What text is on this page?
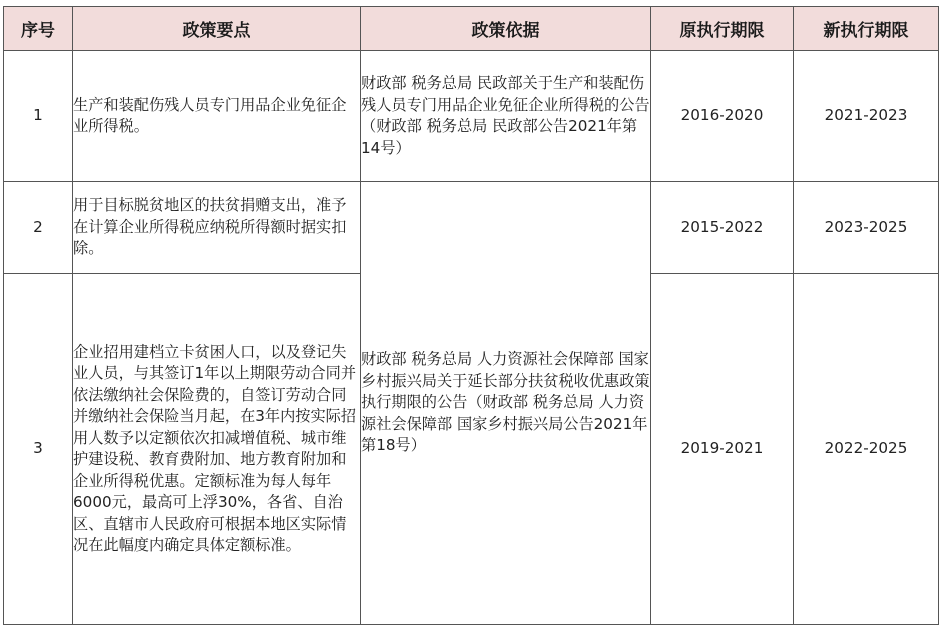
序号	政策要点	政策依据	原执行期限	新执行期限
1	生产和装配伤残人员专门用品企业免征企业所得税。	财政部 税务总局 民政部关于生产和装配伤残人员专门用品企业免征企业所得税的公告（财政部 税务总局 民政部公告2021年第14号）	2016-2020	2021-2023
2	用于目标脱贫地区的扶贫捐赠支出，准予在计算企业所得税应纳税所得额时据实扣除。	财政部 税务总局 人力资源社会保障部 国家乡村振兴局关于延长部分扶贫税收优惠政策执行期限的公告（财政部 税务总局 人力资源社会保障部 国家乡村振兴局公告2021年第18号）	2015-2022	2023-2025
3	企业招用建档立卡贫困人口，以及登记失业人员，与其签订1年以上期限劳动合同并依法缴纳社会保险费的，自签订劳动合同并缴纳社会保险当月起，在3年内按实际招用人数予以定额依次扣减增值税、城市维护建设税、教育费附加、地方教育附加和企业所得税优惠。定额标准为每人每年6000元，最高可上浮30%，各省、自治区、直辖市人民政府可根据本地区实际情况在此幅度内确定具体定额标准。		2019-2021	2022-2025
